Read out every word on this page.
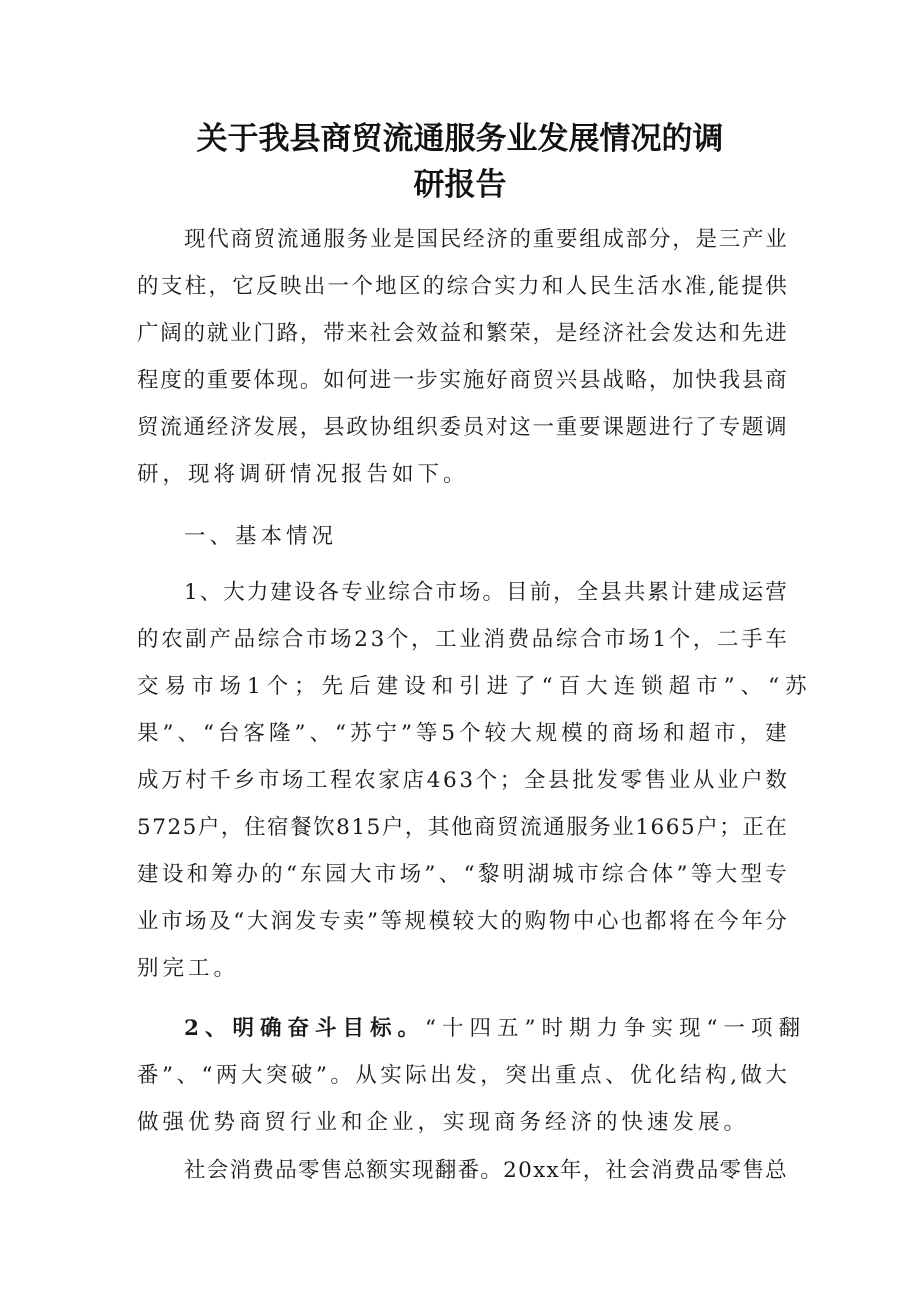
关于我县商贸流通服务业发展情况的调
研报告
现 代 商 贸 流 通 服 务 业 是 国 民 经 济 的 重 要 组 成 部 分 ， 是 三 产 业
的 支 柱 ， 它 反 映 出 一 个 地 区 的 综 合 实 力 和 人 民 生 活 水 准 , 能 提 供
广 阔 的 就 业 门 路 ， 带 来 社 会 效 益 和 繁 荣 ， 是 经 济 社 会 发 达 和 先 进
程 度 的 重 要 体 现 。 如 何 进 一 步 实 施 好 商 贸 兴 县 战 略 ， 加 快 我 县 商
贸 流 通 经 济 发 展 ， 县 政 协 组 织 委 员 对 这 一 重 要 课 题 进 行 了 专 题 调
研，现将调研情况报告如下。
一、基本情况
1 、 大 力 建 设 各 专 业 综 合 市 场 。 目 前 ， 全 县 共 累 计 建 成 运 营
的 农 副 产 品 综 合 市 场 2 3 个 ， 工 业 消 费 品 综 合 市 场 1 个 ， 二 手 车
交易市场1个；先后建设和引进了“百大连锁超市”、“苏
果 ” 、 “ 台 客 隆 ” 、 “ 苏 宁 ” 等 5 个 较 大 规 模 的 商 场 和 超 市 ， 建
成 万 村 千 乡 市 场 工 程 农 家 店 4 6 3 个 ； 全 县 批 发 零 售 业 从 业 户 数
5 7 2 5 户 ， 住 宿 餐 饮 8 1 5 户 ， 其 他 商 贸 流 通 服 务 业 1 6 6 5 户 ； 正 在
建 设 和 筹 办 的 “ 东 园 大 市 场 ” 、 “ 黎 明 湖 城 市 综 合 体 ” 等 大 型 专
业 市 场 及 “ 大 润 发 专 卖 ” 等 规 模 较 大 的 购 物 中 心 也 都 将 在 今 年 分
别完工。
2、明确奋斗目标。 “十四五”时期力争实现“一项翻
番 ” 、 “ 两 大 突 破 ” 。 从 实 际 出 发 ， 突 出 重 点 、 优 化 结 构 , 做 大
做强优势商贸行业和企业，实现商务经济的快速发展。
社 会 消 费 品 零 售 总 额 实 现 翻 番 。 2 0 x x 年 ， 社 会 消 费 品 零 售 总
